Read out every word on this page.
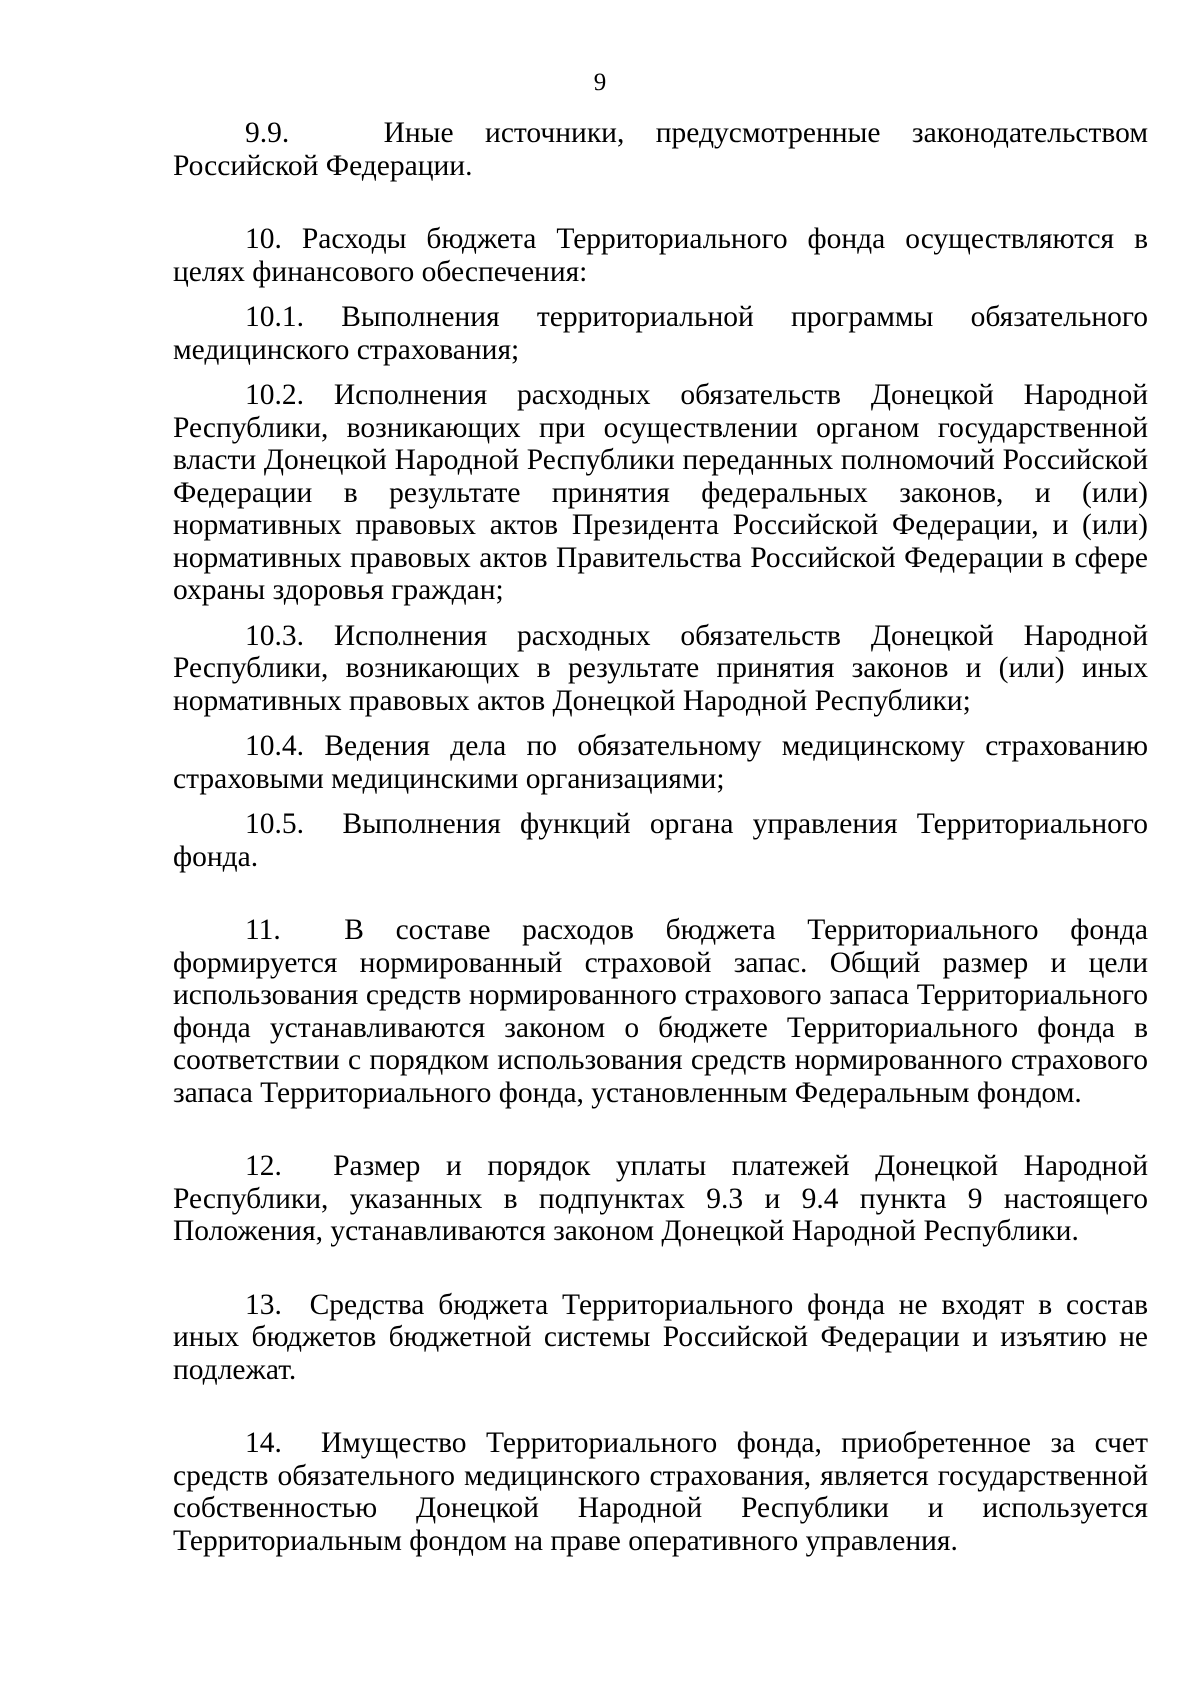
9

9.9.	Иные источники, предусмотренные законодательством Российской Федерации.

10. Расходы бюджета Территориального фонда осуществляются в целях финансового обеспечения:

10.1. Выполнения территориальной программы обязательного медицинского страхования;

10.2. Исполнения расходных обязательств Донецкой Народной Республики, возникающих при осуществлении органом государственной власти Донецкой Народной Республики переданных полномочий Российской Федерации в результате принятия федеральных законов, и (или) нормативных правовых актов Президента Российской Федерации, и (или) нормативных правовых актов Правительства Российской Федерации в сфере охраны здоровья граждан;

10.3. Исполнения расходных обязательств Донецкой Народной Республики, возникающих в результате принятия законов и (или) иных нормативных правовых актов Донецкой Народной Республики;

10.4. Ведения дела по обязательному медицинскому страхованию страховыми медицинскими организациями;

10.5. Выполнения функций органа управления Территориального фонда.

11. В составе расходов бюджета Территориального фонда формируется нормированный страховой запас. Общий размер и цели использования средств нормированного страхового запаса Территориального фонда устанавливаются законом о бюджете Территориального фонда в соответствии с порядком использования средств нормированного страхового запаса Территориального фонда, установленным Федеральным фондом.

12. Размер и порядок уплаты платежей Донецкой Народной Республики, указанных в подпунктах 9.3 и 9.4 пункта 9 настоящего Положения, устанавливаются законом Донецкой Народной Республики.

13. Средства бюджета Территориального фонда не входят в состав иных бюджетов бюджетной системы Российской Федерации и изъятию не подлежат.

14. Имущество Территориального фонда, приобретенное за счет средств обязательного медицинского страхования, является государственной собственностью Донецкой Народной Республики и используется Территориальным фондом на праве оперативного управления.
